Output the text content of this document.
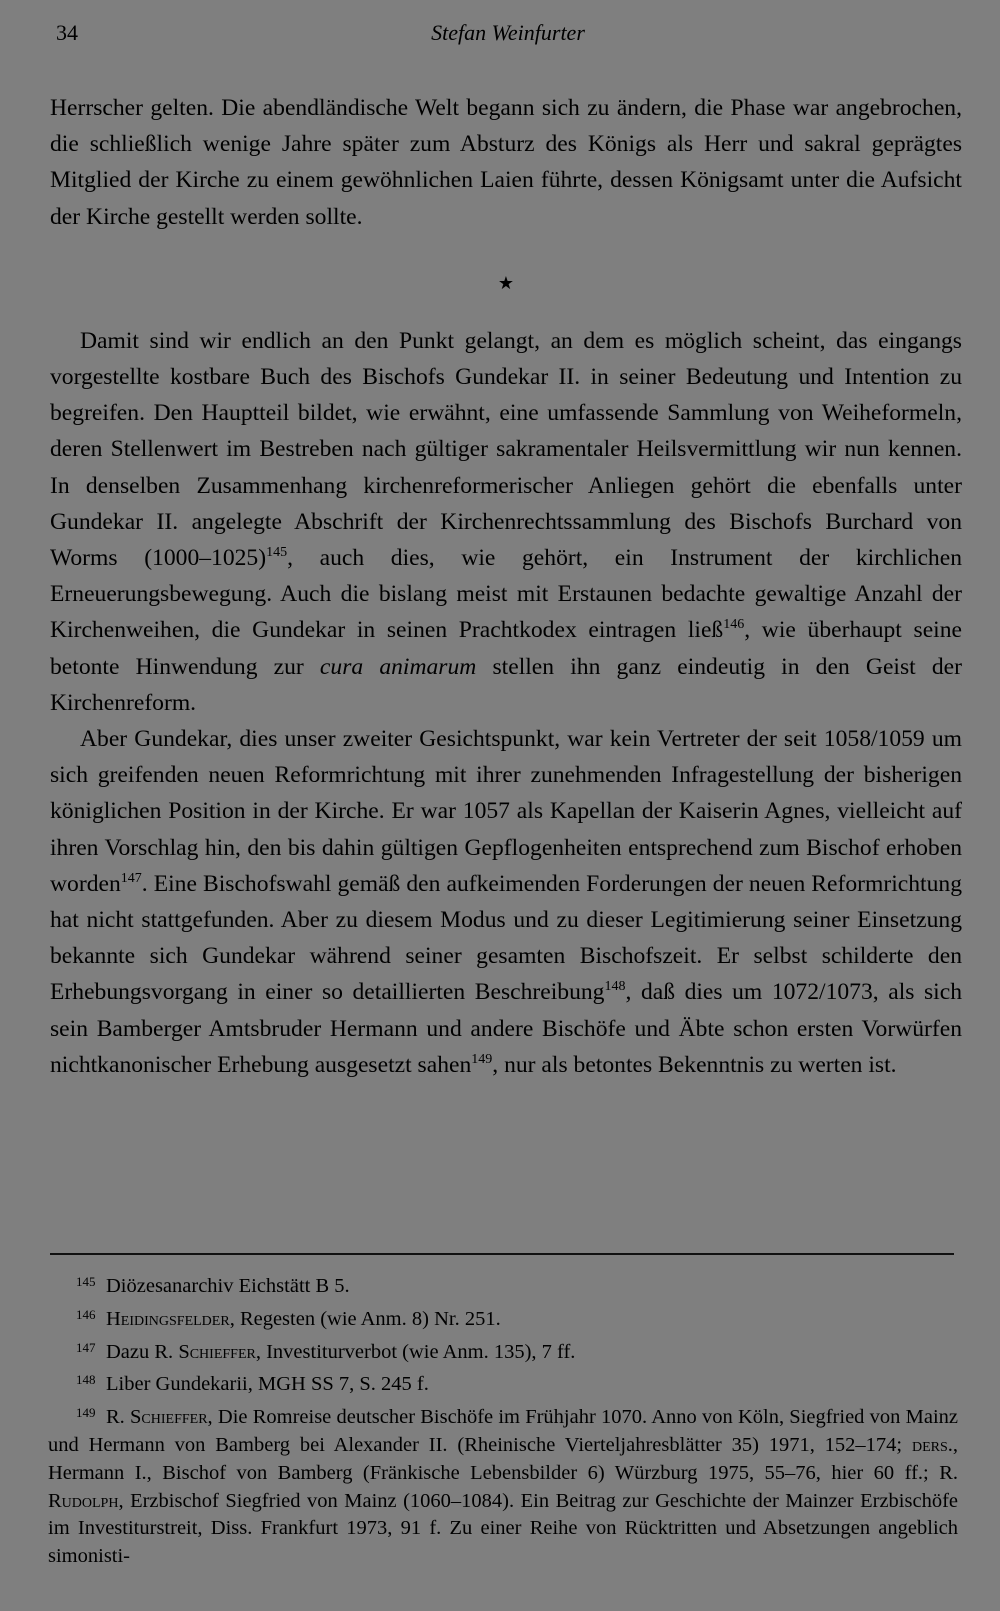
34	Stefan Weinfurter

Herrscher gelten. Die abendländische Welt begann sich zu ändern, die Phase war angebrochen, die schließlich wenige Jahre später zum Absturz des Königs als Herr und sakral geprägtes Mitglied der Kirche zu einem gewöhnlichen Laien führte, dessen Königsamt unter die Aufsicht der Kirche gestellt werden sollte.

★

Damit sind wir endlich an den Punkt gelangt, an dem es möglich scheint, das eingangs vorgestellte kostbare Buch des Bischofs Gundekar II. in seiner Bedeutung und Intention zu begreifen. Den Hauptteil bildet, wie erwähnt, eine umfassende Sammlung von Weiheformeln, deren Stellenwert im Bestreben nach gültiger sakramentaler Heilsvermittlung wir nun kennen. In denselben Zusammenhang kirchenreformerischer Anliegen gehört die ebenfalls unter Gundekar II. angelegte Abschrift der Kirchenrechtssammlung des Bischofs Burchard von Worms (1000–1025)$^{145}$, auch dies, wie gehört, ein Instrument der kirchlichen Erneuerungsbewegung. Auch die bislang meist mit Erstaunen bedachte gewaltige Anzahl der Kirchenweihen, die Gundekar in seinen Prachtkodex eintragen ließ$^{146}$, wie überhaupt seine betonte Hinwendung zur cura animarum stellen ihn ganz eindeutig in den Geist der Kirchenreform.

Aber Gundekar, dies unser zweiter Gesichtspunkt, war kein Vertreter der seit 1058/1059 um sich greifenden neuen Reformrichtung mit ihrer zunehmenden Infragestellung der bisherigen königlichen Position in der Kirche. Er war 1057 als Kapellan der Kaiserin Agnes, vielleicht auf ihren Vorschlag hin, den bis dahin gültigen Gepflogenheiten entsprechend zum Bischof erhoben worden$^{147}$. Eine Bischofswahl gemäß den aufkeimenden Forderungen der neuen Reformrichtung hat nicht stattgefunden. Aber zu diesem Modus und zu dieser Legitimierung seiner Einsetzung bekannte sich Gundekar während seiner gesamten Bischofszeit. Er selbst schilderte den Erhebungsvorgang in einer so detaillierten Beschreibung$^{148}$, daß dies um 1072/1073, als sich sein Bamberger Amtsbruder Hermann und andere Bischöfe und Äbte schon ersten Vorwürfen nichtkanonischer Erhebung ausgesetzt sahen$^{149}$, nur als betontes Bekenntnis zu werten ist.

145 Diözesanarchiv Eichstätt B 5.

146 Heidingsfelder, Regesten (wie Anm. 8) Nr. 251.

147 Dazu R. Schieffer, Investiturverbot (wie Anm. 135), 7 ff.

148 Liber Gundekarii, MGH SS 7, S. 245 f.

149 R. Schieffer, Die Romreise deutscher Bischöfe im Frühjahr 1070. Anno von Köln, Siegfried von Mainz und Hermann von Bamberg bei Alexander II. (Rheinische Vierteljahresblätter 35) 1971, 152–174; ders., Hermann I., Bischof von Bamberg (Fränkische Lebensbilder 6) Würzburg 1975, 55–76, hier 60 ff.; R. Rudolph, Erzbischof Siegfried von Mainz (1060–1084). Ein Beitrag zur Geschichte der Mainzer Erzbischöfe im Investiturstreit, Diss. Frankfurt 1973, 91 f. Zu einer Reihe von Rücktritten und Absetzungen angeblich simonisti-
